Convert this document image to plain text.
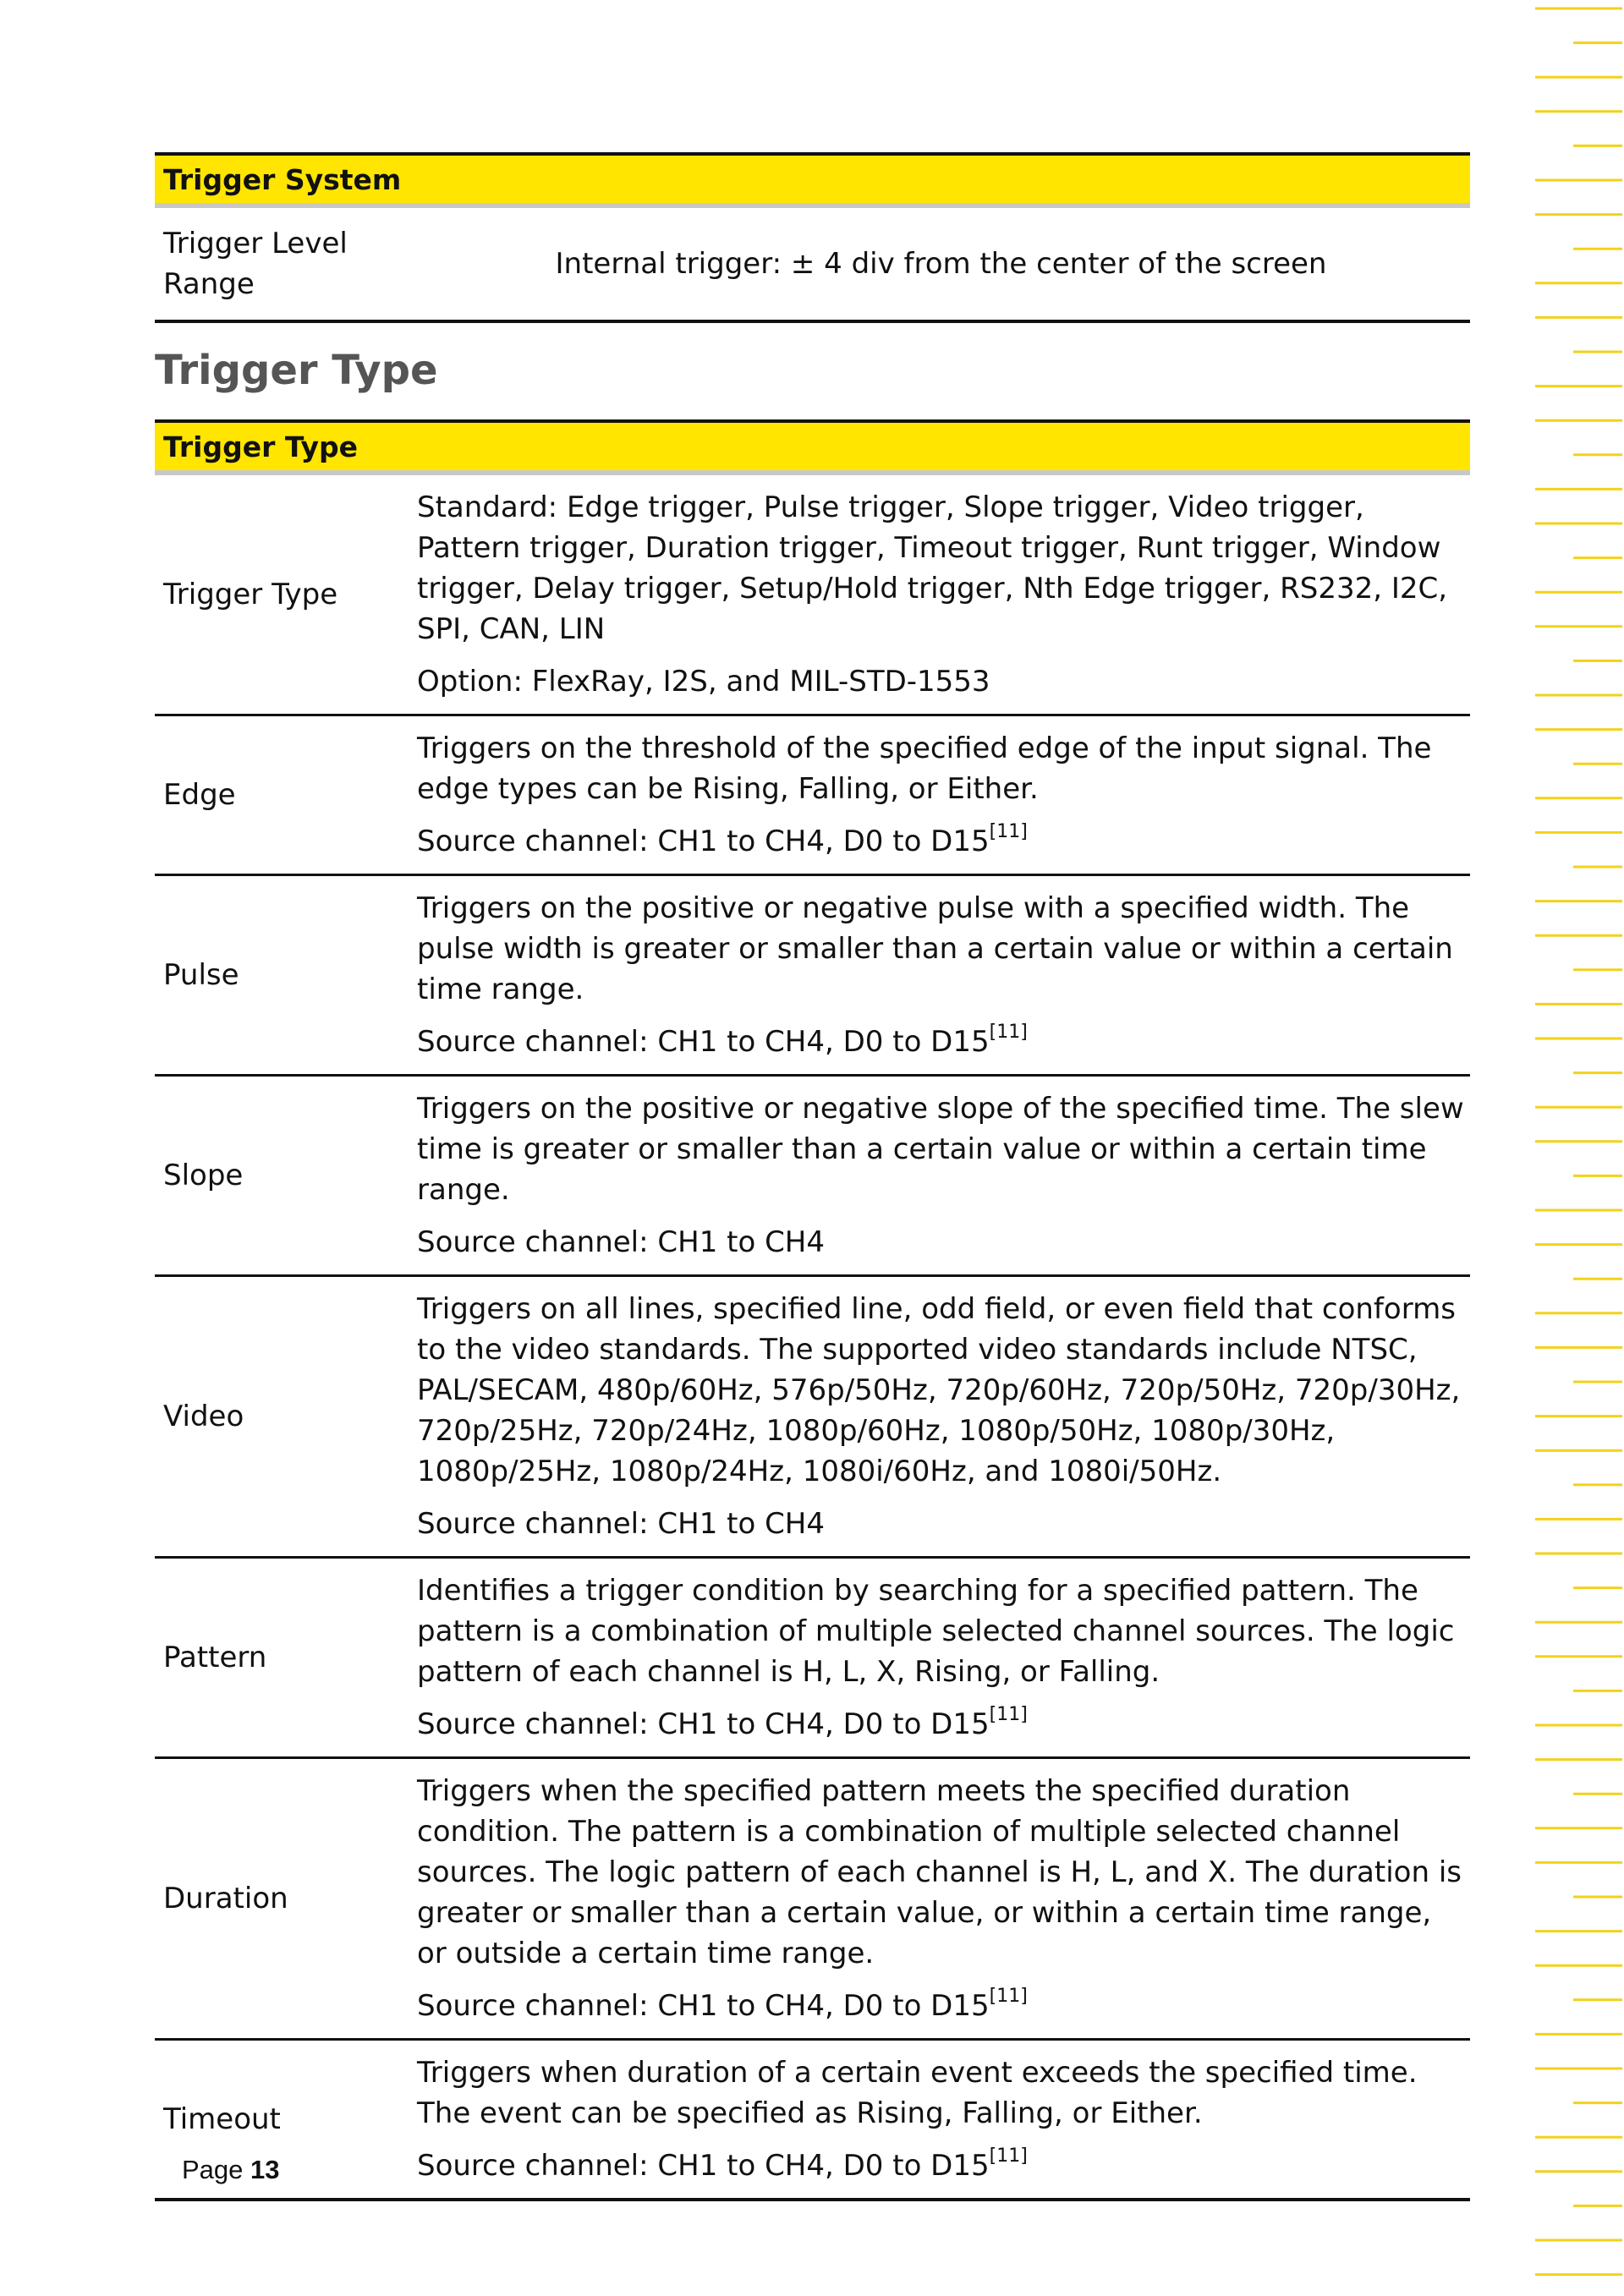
Trigger System
Trigger Level Range	Internal trigger: ± 4 div from the center of the screen
Trigger Type
Trigger Type	
Trigger Type	Standard: Edge trigger, Pulse trigger, Slope trigger, Video trigger, Pattern trigger, Duration trigger, Timeout trigger, Runt trigger, Window trigger, Delay trigger, Setup/Hold trigger, Nth Edge trigger, RS232, I2C, SPI, CAN, LIN

Option: FlexRay, I2S, and MIL-STD-1553

Edge	Triggers on the threshold of the specified edge of the input signal. The edge types can be Rising, Falling, or Either.

Source channel: CH1 to CH4, D0 to D15[11]

Pulse	Triggers on the positive or negative pulse with a specified width. The pulse width is greater or smaller than a certain value or within a certain time range.

Source channel: CH1 to CH4, D0 to D15[11]

Slope	Triggers on the positive or negative slope of the specified time. The slew time is greater or smaller than a certain value or within a certain time range.

Source channel: CH1 to CH4

Video	Triggers on all lines, specified line, odd field, or even field that conforms to the video standards. The supported video standards include NTSC, PAL/SECAM, 480p/60Hz, 576p/50Hz, 720p/60Hz, 720p/50Hz, 720p/30Hz, 720p/25Hz, 720p/24Hz, 1080p/60Hz, 1080p/50Hz, 1080p/30Hz, 1080p/25Hz, 1080p/24Hz, 1080i/60Hz, and 1080i/50Hz.

Source channel: CH1 to CH4

Pattern	Identifies a trigger condition by searching for a specified pattern. The pattern is a combination of multiple selected channel sources. The logic pattern of each channel is H, L, X, Rising, or Falling.

Source channel: CH1 to CH4, D0 to D15[11]

Duration	Triggers when the specified pattern meets the specified duration condition. The pattern is a combination of multiple selected channel sources. The logic pattern of each channel is H, L, and X. The duration is greater or smaller than a certain value, or within a certain time range, or outside a certain time range.

Source channel: CH1 to CH4, D0 to D15[11]

Timeout	Triggers when duration of a certain event exceeds the specified time. The event can be specified as Rising, Falling, or Either.

Source channel: CH1 to CH4, D0 to D15[11]

Page 13
